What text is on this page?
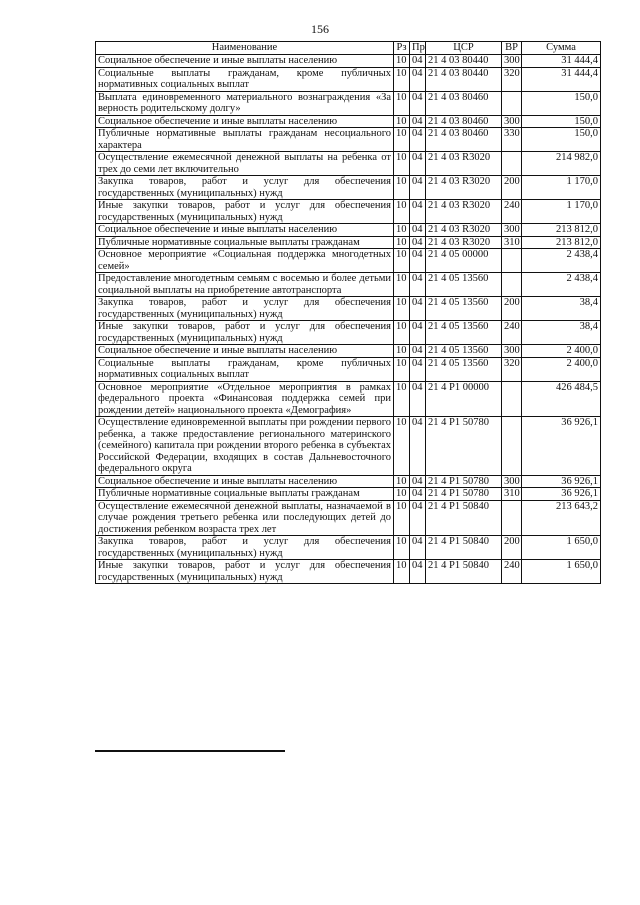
156
Наименование	Рз	Пр	ЦСР	ВР	Сумма
Социальное обеспечение и иные выплаты населению	10	04	21 4 03 80440	300	31 444,4
Социальные выплаты гражданам, кроме публичных нормативных социальных выплат	10	04	21 4 03 80440	320	31 444,4
Выплата единовременного материального вознаграждения «За верность родительскому долгу»	10	04	21 4 03 80460		150,0
Социальное обеспечение и иные выплаты населению	10	04	21 4 03 80460	300	150,0
Публичные нормативные выплаты гражданам несоциального характера	10	04	21 4 03 80460	330	150,0
Осуществление ежемесячной денежной выплаты на ребенка от трех до семи лет включительно	10	04	21 4 03 R3020		214 982,0
Закупка товаров, работ и услуг для обеспечения государственных (муниципальных) нужд	10	04	21 4 03 R3020	200	1 170,0
Иные закупки товаров, работ и услуг для обеспечения государственных (муниципальных) нужд	10	04	21 4 03 R3020	240	1 170,0
Социальное обеспечение и иные выплаты населению	10	04	21 4 03 R3020	300	213 812,0
Публичные нормативные социальные выплаты гражданам	10	04	21 4 03 R3020	310	213 812,0
Основное мероприятие «Социальная поддержка многодетных семей»	10	04	21 4 05 00000		2 438,4
Предоставление многодетным семьям с восемью и более детьми социальной выплаты на приобретение автотранспорта	10	04	21 4 05 13560		2 438,4
Закупка товаров, работ и услуг для обеспечения государственных (муниципальных) нужд	10	04	21 4 05 13560	200	38,4
Иные закупки товаров, работ и услуг для обеспечения государственных (муниципальных) нужд	10	04	21 4 05 13560	240	38,4
Социальное обеспечение и иные выплаты населению	10	04	21 4 05 13560	300	2 400,0
Социальные выплаты гражданам, кроме публичных нормативных социальных выплат	10	04	21 4 05 13560	320	2 400,0
Основное мероприятие «Отдельное мероприятия в рамках федерального проекта «Финансовая поддержка семей при рождении детей» национального проекта «Демография»	10	04	21 4 P1 00000		426 484,5
Осуществление единовременной выплаты при рождении первого ребенка, а также предоставление регионального материнского (семейного) капитала при рождении второго ребенка в субъектах Российской Федерации, входящих в состав Дальневосточного федерального округа	10	04	21 4 P1 50780		36 926,1
Социальное обеспечение и иные выплаты населению	10	04	21 4 P1 50780	300	36 926,1
Публичные нормативные социальные выплаты гражданам	10	04	21 4 P1 50780	310	36 926,1
Осуществление ежемесячной денежной выплаты, назначаемой в случае рождения третьего ребенка или последующих детей до достижения ребенком возраста трех лет	10	04	21 4 P1 50840		213 643,2
Закупка товаров, работ и услуг для обеспечения государственных (муниципальных) нужд	10	04	21 4 P1 50840	200	1 650,0
Иные закупки товаров, работ и услуг для обеспечения государственных (муниципальных) нужд	10	04	21 4 P1 50840	240	1 650,0
